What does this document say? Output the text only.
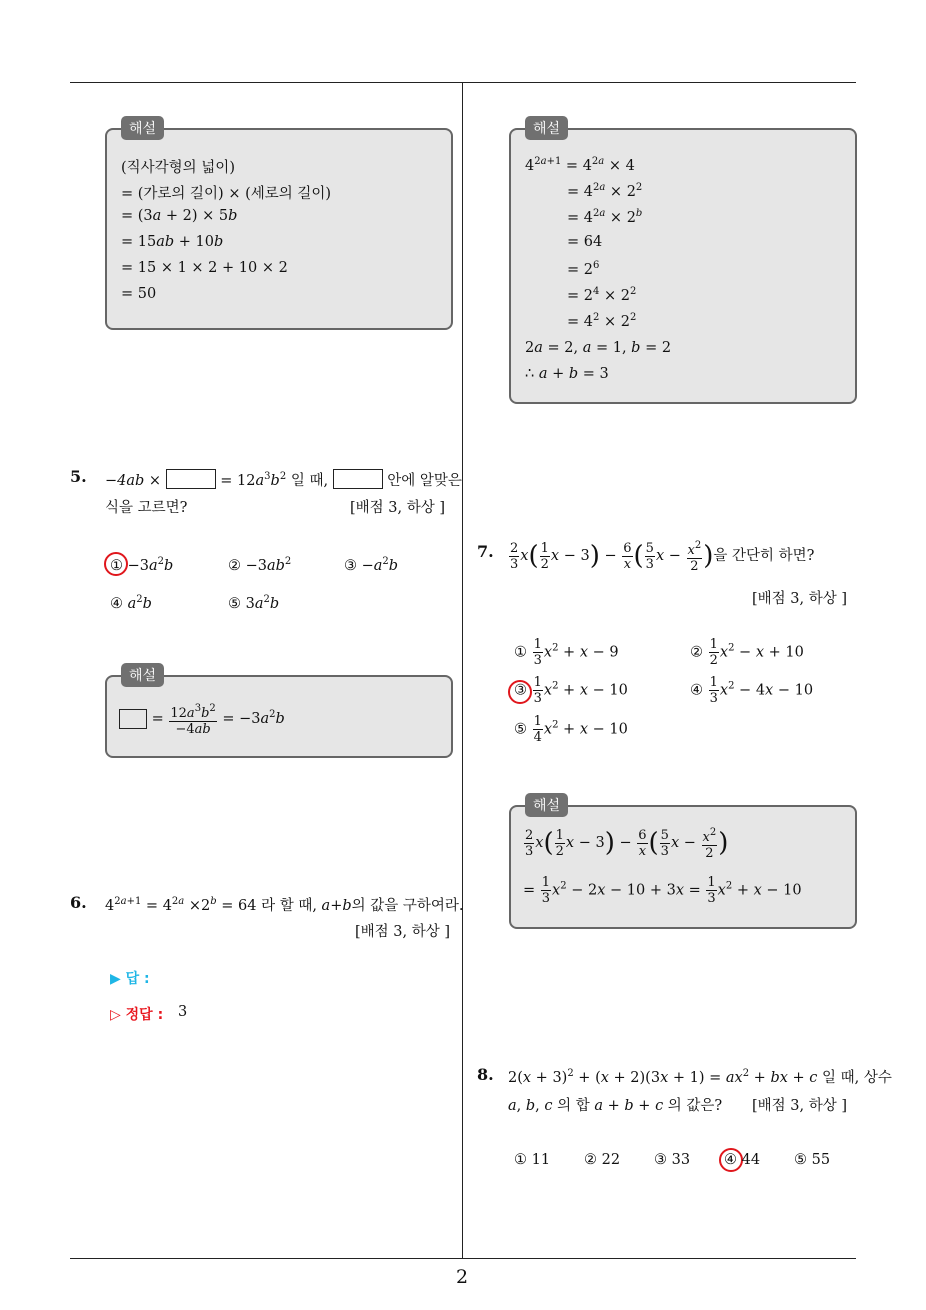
2
해설
(직사각형의 넓이)
= (가로의 길이) × (세로의 길이)
= (3a + 2) × 5b
= 15ab + 10b
= 15 × 1 × 2 + 10 × 2
= 50
5. −4ab ×	= $12a^3b^2$ 일 때,	안에 알맞은
식을 고르면?	[배점 3, 하상 ]
① $-3a^2b$	② $-3ab^2$	③ $-a^2b$
④ $a^2b$	⑤ $3a^2b$
해설
= $\frac{12a^3b^2}{-4ab} = -3a^2b$
6. $4^{2a+1} = 4^{2a} \times 2^b = 64$ 라 할 때, a+b의 값을 구하여라.
[배점 3, 하상 ]
▶ 답 :
▷ 정답 : 3
해설
$4^{2a+1} = 4^{2a} \times 4$
= $4^{2a} \times 2^2$
= $4^{2a} \times 2^b$
= 64
= $2^6$
= $2^4 \times 2^2$
= $4^2 \times 2^2$
2a = 2, a = 1, b = 2
∴ a + b = 3
7. $\frac{2}{3} x( \frac{1}{2}$ $x - 3) - \frac{6}{x}$ ( $\frac{5}{3}$ $x - \frac{x^2}{2}$ )을 간단히 하면?
[배점 3, 하상 ]
① $\frac{1}{3} x^2 + x - 9$	② $\frac{1}{2} x^2 - x + 10$
③ $\frac{1}{3} x^2 + x - 10$	④ $\frac{1}{3} x^2 - 4x - 10$
⑤ $\frac{1}{4} x^2 + x - 10$
해설
$\frac{2}{3} x( \frac{1}{2}$ $x - 3) - \frac{6}{x}$ ( $\frac{5}{3}$ $x - \frac{x^2}{2}$ )
= $\frac{1}{3} x^2 - 2x - 10 + 3x = \frac{1}{3} x^2 + x - 10$
8. $2(x + 3)^2 + (x + 2)(3x + 1) = ax^2$ + bx + c 일 때, 상수
a, b, c 의 합 a + b + c 의 값은? [배점 3, 하상 ]
① 11 ② 22 ③ 33 ④ 44 ⑤ 55
